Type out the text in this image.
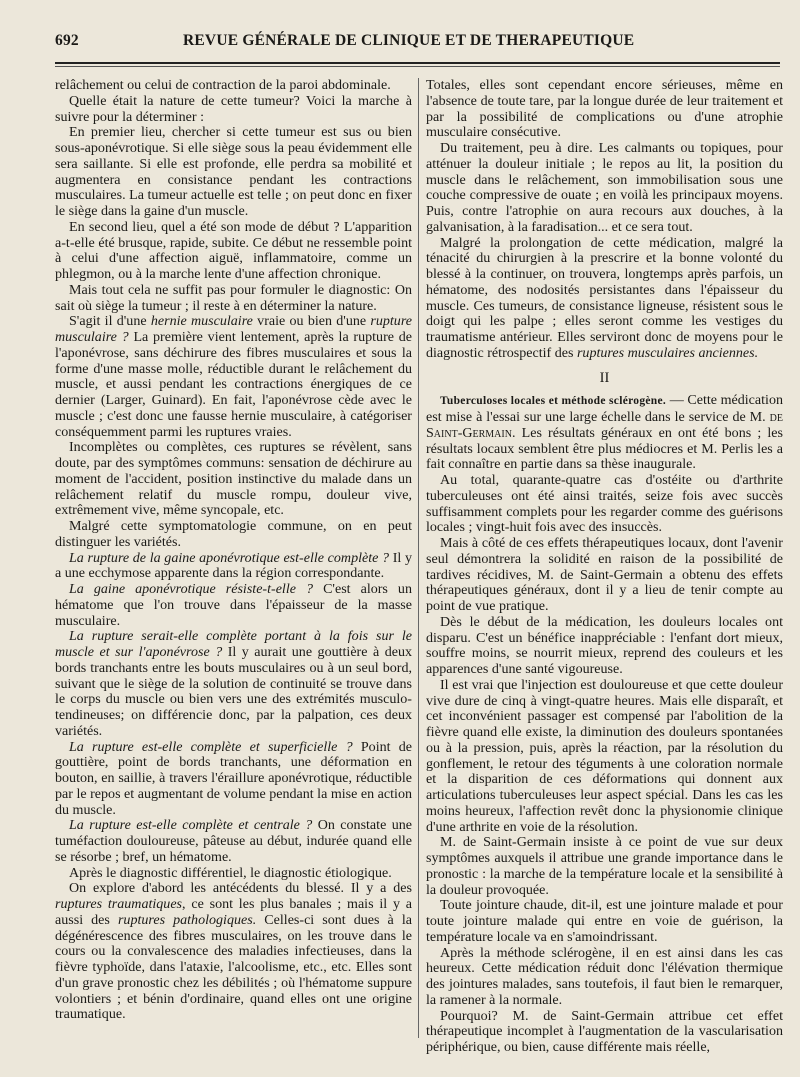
692	REVUE GÉNÉRALE DE CLINIQUE ET DE THERAPEUTIQUE

relâchement ou celui de contraction de la paroi abdominale.

Quelle était la nature de cette tumeur? Voici la marche à suivre pour la déterminer :

En premier lieu, chercher si cette tumeur est sus ou bien sous-aponévrotique. Si elle siège sous la peau évidemment elle sera saillante. Si elle est profonde, elle perdra sa mobilité et augmentera en consistance pendant les contractions musculaires. La tumeur actuelle est telle ; on peut donc en fixer le siège dans la gaine d'un muscle.

En second lieu, quel a été son mode de début ? L'apparition a-t-elle été brusque, rapide, subite. Ce début ne ressemble point à celui d'une affection aiguë, inflammatoire, comme un phlegmon, ou à la marche lente d'une affection chronique.

Mais tout cela ne suffit pas pour formuler le diagnostic: On sait où siège la tumeur ; il reste à en déterminer la nature.

S'agit il d'une hernie musculaire vraie ou bien d'une rupture musculaire ? La première vient lentement, après la rupture de l'aponévrose, sans déchirure des fibres musculaires et sous la forme d'une masse molle, réductible durant le relâchement du muscle, et aussi pendant les contractions énergiques de ce dernier (Larger, Guinard). En fait, l'aponévrose cède avec le muscle ; c'est donc une fausse hernie musculaire, à catégoriser conséquemment parmi les ruptures vraies.

Incomplètes ou complètes, ces ruptures se révèlent, sans doute, par des symptômes communs: sensation de déchirure au moment de l'accident, position instinctive du malade dans un relâchement relatif du muscle rompu, douleur vive, extrêmement vive, même syncopale, etc.

Malgré cette symptomatologie commune, on en peut distinguer les variétés.

La rupture de la gaine aponévrotique est-elle complète ? Il y a une ecchymose apparente dans la région correspondante.

La gaine aponévrotique résiste-t-elle ? C'est alors un hématome que l'on trouve dans l'épaisseur de la masse musculaire.

La rupture serait-elle complète portant à la fois sur le muscle et sur l'aponévrose ? Il y aurait une gouttière à deux bords tranchants entre les bouts musculaires ou à un seul bord, suivant que le siège de la solution de continuité se trouve dans le corps du muscle ou bien vers une des extrémités musculo-tendineuses; on différencie donc, par la palpation, ces deux variétés.

La rupture est-elle complète et superficielle ? Point de gouttière, point de bords tranchants, une déformation en bouton, en saillie, à travers l'éraillure aponévrotique, réductible par le repos et augmentant de volume pendant la mise en action du muscle.

La rupture est-elle complète et centrale ? On constate une tuméfaction douloureuse, pâteuse au début, indurée quand elle se résorbe ; bref, un hématome.

Après le diagnostic différentiel, le diagnostic étiologique.

On explore d'abord les antécédents du blessé. Il y a des ruptures traumatiques, ce sont les plus banales ; mais il y a aussi des ruptures pathologiques. Celles-ci sont dues à la dégénérescence des fibres musculaires, on les trouve dans le cours ou la convalescence des maladies infectieuses, dans la fièvre typhoïde, dans l'ataxie, l'alcoolisme, etc., etc. Elles sont d'un grave pronostic chez les débilités ; où l'hématome suppure volontiers ; et bénin d'ordinaire, quand elles ont une origine traumatique.

Totales, elles sont cependant encore sérieuses, même en l'absence de toute tare, par la longue durée de leur traitement et par la possibilité de complications ou d'une atrophie musculaire consécutive.

Du traitement, peu à dire. Les calmants ou topiques, pour atténuer la douleur initiale ; le repos au lit, la position du muscle dans le relâchement, son immobilisation sous une couche compressive de ouate ; en voilà les principaux moyens. Puis, contre l'atrophie on aura recours aux douches, à la galvanisation, à la faradisation... et ce sera tout.

Malgré la prolongation de cette médication, malgré la ténacité du chirurgien à la prescrire et la bonne volonté du blessé à la continuer, on trouvera, longtemps après parfois, un hématome, des nodosités persistantes dans l'épaisseur du muscle. Ces tumeurs, de consistance ligneuse, résistent sous le doigt qui les palpe ; elles seront comme les vestiges du traumatisme antérieur. Elles serviront donc de moyens pour le diagnostic rétrospectif des ruptures musculaires anciennes.

II

Tuberculoses locales et méthode sclérogène. — Cette médication est mise à l'essai sur une large échelle dans le service de M. de Saint-Germain. Les résultats généraux en ont été bons ; les résultats locaux semblent être plus médiocres et M. Perlis les a fait connaître en partie dans sa thèse inaugurale.

Au total, quarante-quatre cas d'ostéite ou d'arthrite tuberculeuses ont été ainsi traités, seize fois avec succès suffisamment complets pour les regarder comme des guérisons locales ; vingt-huit fois avec des insuccès.

Mais à côté de ces effets thérapeutiques locaux, dont l'avenir seul démontrera la solidité en raison de la possibilité de tardives récidives, M. de Saint-Germain a obtenu des effets thérapeutiques généraux, dont il y a lieu de tenir compte au point de vue pratique.

Dès le début de la médication, les douleurs locales ont disparu. C'est un bénéfice inappréciable : l'enfant dort mieux, souffre moins, se nourrit mieux, reprend des couleurs et les apparences d'une santé vigoureuse.

Il est vrai que l'injection est douloureuse et que cette douleur vive dure de cinq à vingt-quatre heures. Mais elle disparaît, et cet inconvénient passager est compensé par l'abolition de la fièvre quand elle existe, la diminution des douleurs spontanées ou à la pression, puis, après la réaction, par la résolution du gonflement, le retour des téguments à une coloration normale et la disparition de ces déformations qui donnent aux articulations tuberculeuses leur aspect spécial. Dans les cas les moins heureux, l'affection revêt donc la physionomie clinique d'une arthrite en voie de la résolution.

M. de Saint-Germain insiste à ce point de vue sur deux symptômes auxquels il attribue une grande importance dans le pronostic : la marche de la température locale et la sensibilité à la douleur provoquée.

Toute jointure chaude, dit-il, est une jointure malade et pour toute jointure malade qui entre en voie de guérison, la température locale va en s'amoindrissant.

Après la méthode sclérogène, il en est ainsi dans les cas heureux. Cette médication réduit donc l'élévation thermique des jointures malades, sans toutefois, il faut bien le remarquer, la ramener à la normale.

Pourquoi? M. de Saint-Germain attribue cet effet thérapeutique incomplet à l'augmentation de la vascularisation périphérique, ou bien, cause différente mais réelle,
